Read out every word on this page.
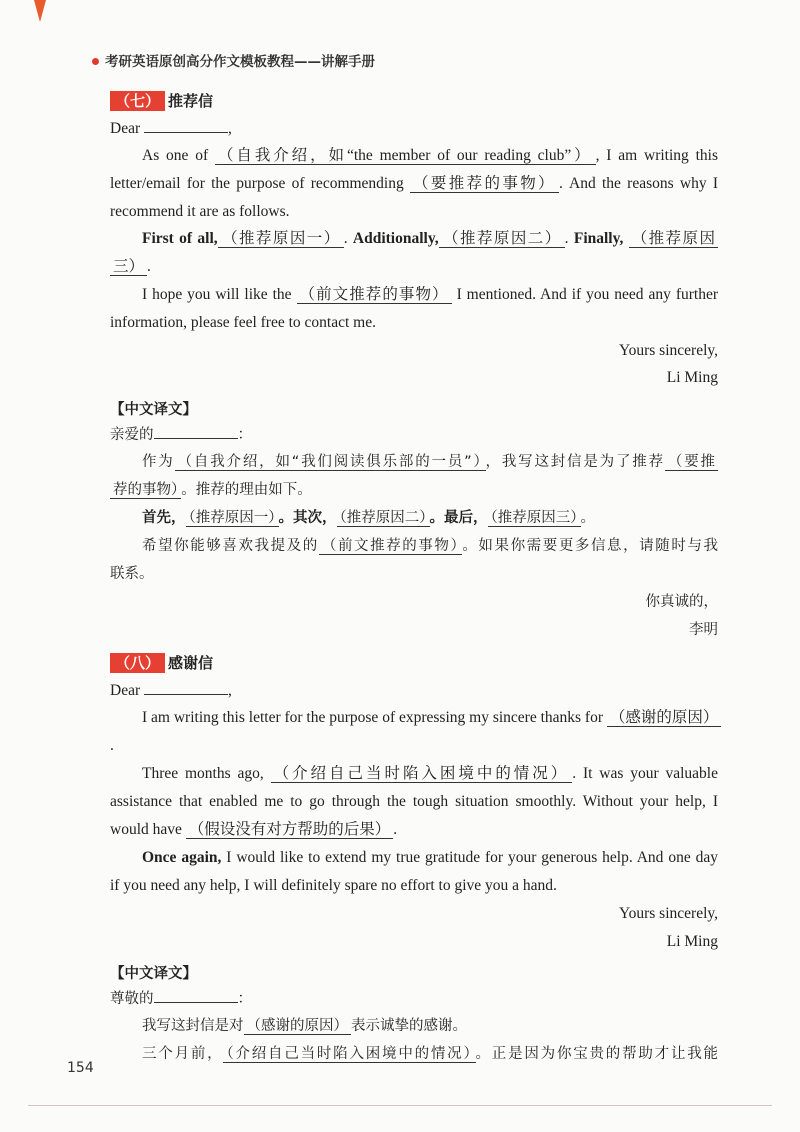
考研英语原创高分作文模板教程——讲解手册
（七） 推荐信
Dear	,
As one of （自我介绍，如“the member of our reading club”） , I am writing this
letter/email for the purpose of recommending （要推荐的事物） . And the reasons why I
recommend it are as follows.
First of all, （推荐原因一） . Additionally, （推荐原因二） . Finally, （推荐原因
三） .
I hope you will like the （前文推荐的事物） I mentioned. And if you need any further
information, please feel free to contact me.
Yours sincerely,
Li Ming
【中文译文】
亲爱的	：
作为 （自我介绍，如“我们阅读俱乐部的一员”） ，我写这封信是为了推荐 （要推
荐的事物） 。推荐的理由如下。
首先， （推荐原因一） 。其次， （推荐原因二） 。最后， （推荐原因三） 。
希望你能够喜欢我提及的 （前文推荐的事物） 。如果你需要更多信息，请随时与我
联系。
你真诚的，
李明
（八） 感谢信
Dear	,
I am writing this letter for the purpose of expressing my sincere thanks for （感谢的原因）
.
Three months ago, （介绍自己当时陷入困境中的情况） . It was your valuable
assistance that enabled me to go through the tough situation smoothly. Without your help, I
would have （假设没有对方帮助的后果） .
Once again, I would like to extend my true gratitude for your generous help. And one day
if you need any help, I will definitely spare no effort to give you a hand.
Yours sincerely,
Li Ming
【中文译文】
尊敬的	：
我写这封信是对 （感谢的原因） 表示诚挚的感谢。
三个月前， （介绍自己当时陷入困境中的情况） 。正是因为你宝贵的帮助才让我能
154
